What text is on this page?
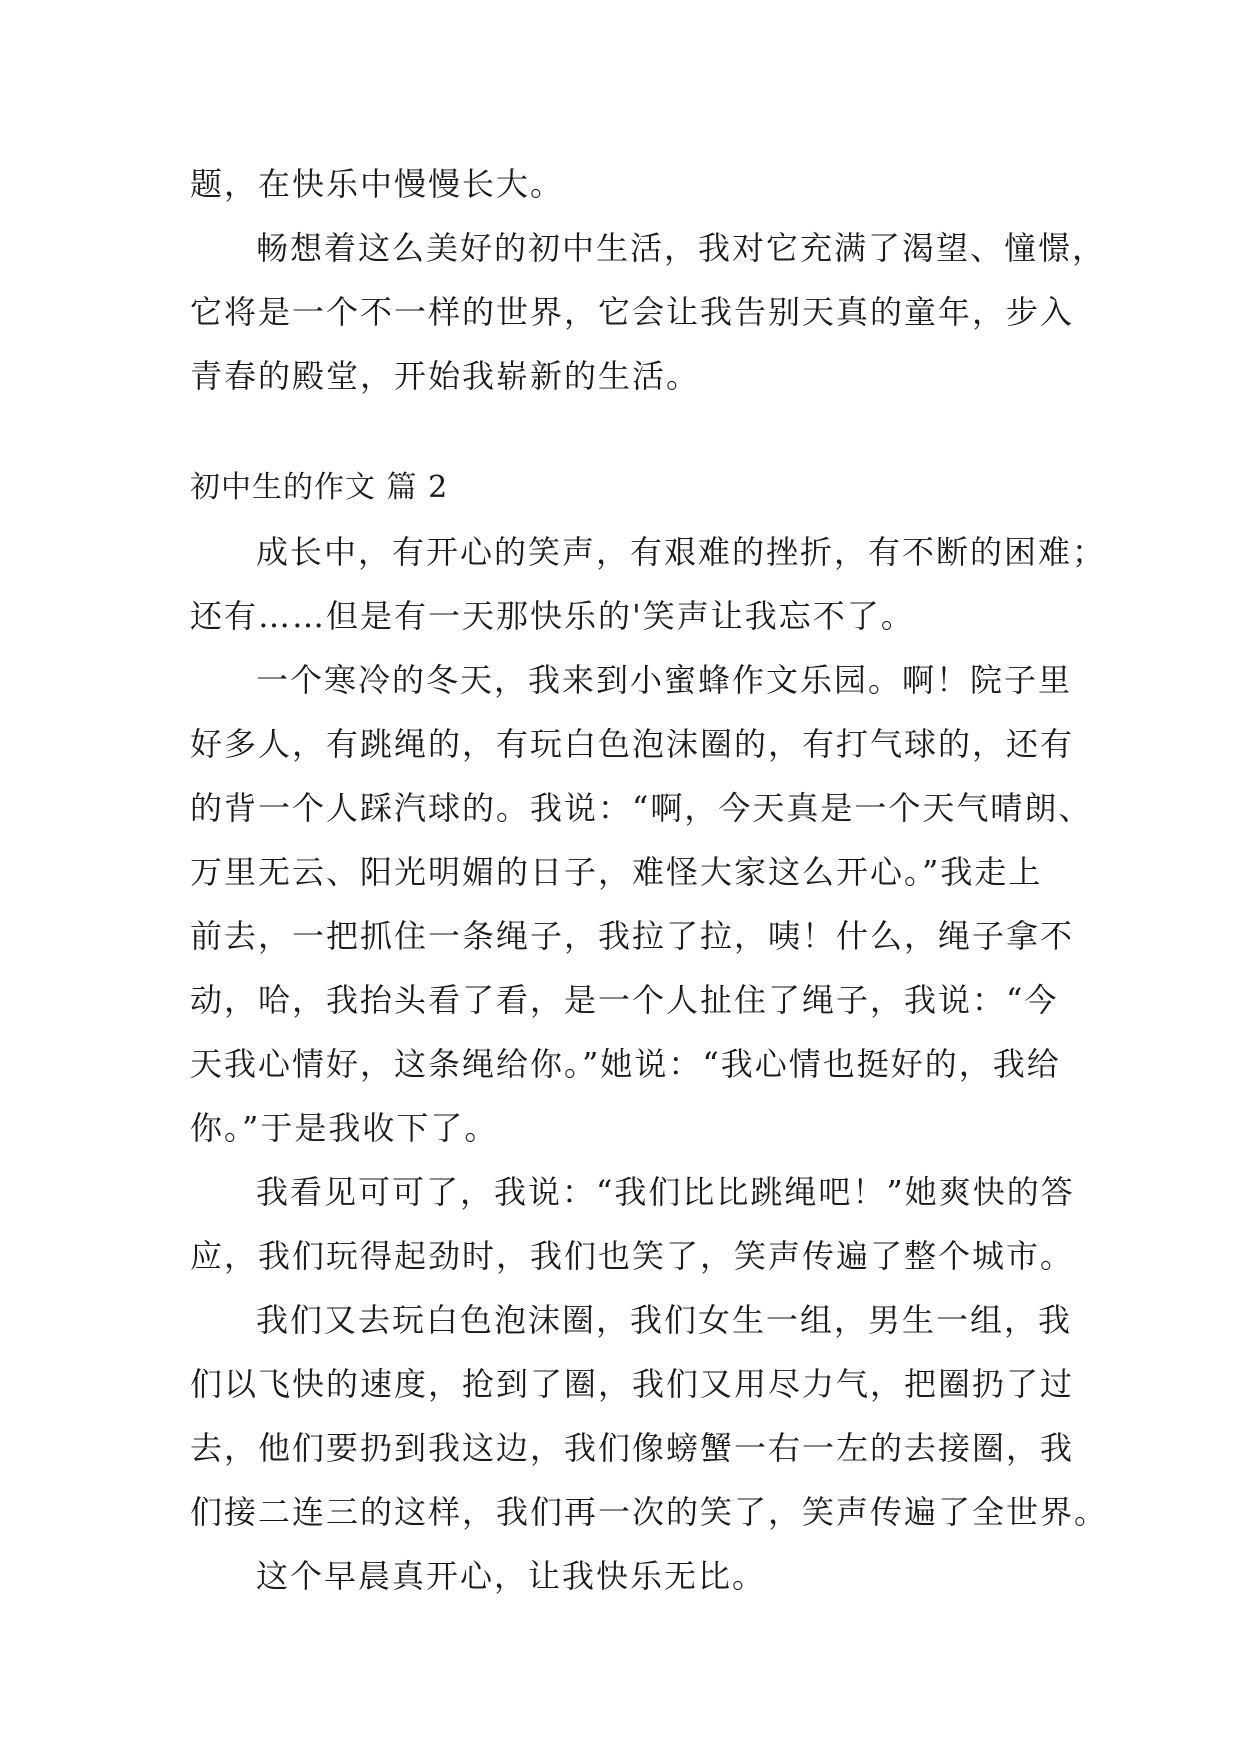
题，在快乐中慢慢长大。
畅想着这么美好的初中生活，我对它充满了渴望、憧憬，
它将是一个不一样的世界，它会让我告别天真的童年，步入
青春的殿堂，开始我崭新的生活。
初中生的作文 篇 2
成长中，有开心的笑声，有艰难的挫折，有不断的困难；
还有……但是有一天那快乐的'笑声让我忘不了。
一个寒冷的冬天，我来到小蜜蜂作文乐园。啊！院子里
好多人，有跳绳的，有玩白色泡沫圈的，有打气球的，还有
的背一个人踩汽球的。我说：“啊，今天真是一个天气晴朗、
万里无云、阳光明媚的日子，难怪大家这么开心。”我走上
前去，一把抓住一条绳子，我拉了拉，咦！什么，绳子拿不
动，哈，我抬头看了看，是一个人扯住了绳子，我说：“今
天我心情好，这条绳给你。”她说：“我心情也挺好的，我给
你。”于是我收下了。
我看见可可了，我说：“我们比比跳绳吧！”她爽快的答
应，我们玩得起劲时，我们也笑了，笑声传遍了整个城市。
我们又去玩白色泡沫圈，我们女生一组，男生一组，我
们以飞快的速度，抢到了圈，我们又用尽力气，把圈扔了过
去，他们要扔到我这边，我们像螃蟹一右一左的去接圈，我
们接二连三的这样，我们再一次的笑了，笑声传遍了全世界。
这个早晨真开心，让我快乐无比。
